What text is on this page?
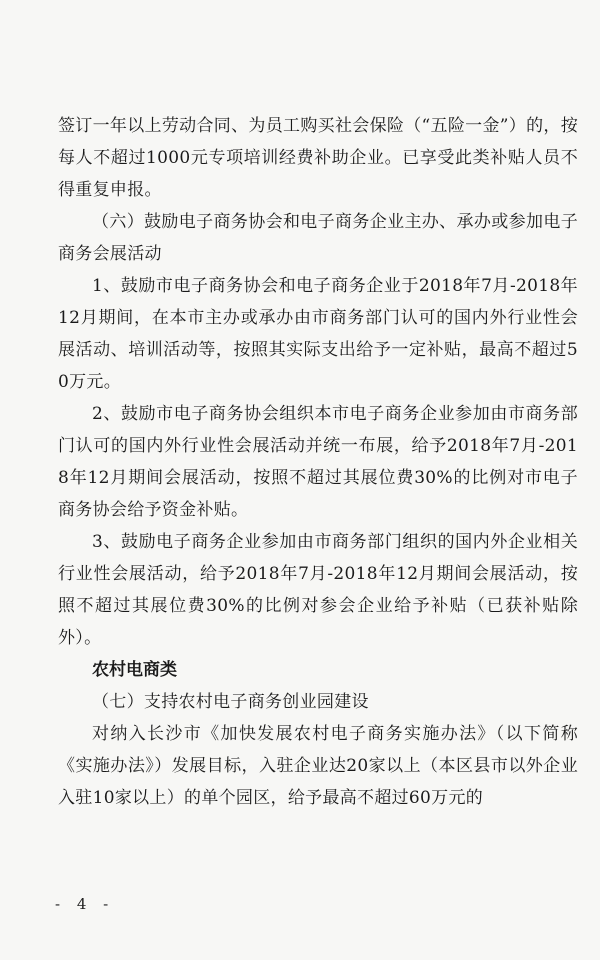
签订一年以上劳动合同、为员工购买社会保险（“五险一金”）的，按每人不超过1000元专项培训经费补助企业。已享受此类补贴人员不得重复申报。

（六）鼓励电子商务协会和电子商务企业主办、承办或参加电子商务会展活动

1、鼓励市电子商务协会和电子商务企业于2018年7月-2018年12月期间，在本市主办或承办由市商务部门认可的国内外行业性会展活动、培训活动等，按照其实际支出给予一定补贴，最高不超过50万元。

2、鼓励市电子商务协会组织本市电子商务企业参加由市商务部门认可的国内外行业性会展活动并统一布展，给予2018年7月-2018年12月期间会展活动，按照不超过其展位费30%的比例对市电子商务协会给予资金补贴。

3、鼓励电子商务企业参加由市商务部门组织的国内外企业相关行业性会展活动，给予2018年7月-2018年12月期间会展活动，按照不超过其展位费30%的比例对参会企业给予补贴（已获补贴除外）。

农村电商类

（七）支持农村电子商务创业园建设

对纳入长沙市《加快发展农村电子商务实施办法》（以下简称《实施办法》）发展目标，入驻企业达20家以上（本区县市以外企业入驻10家以上）的单个园区，给予最高不超过60万元的

- 4 -
